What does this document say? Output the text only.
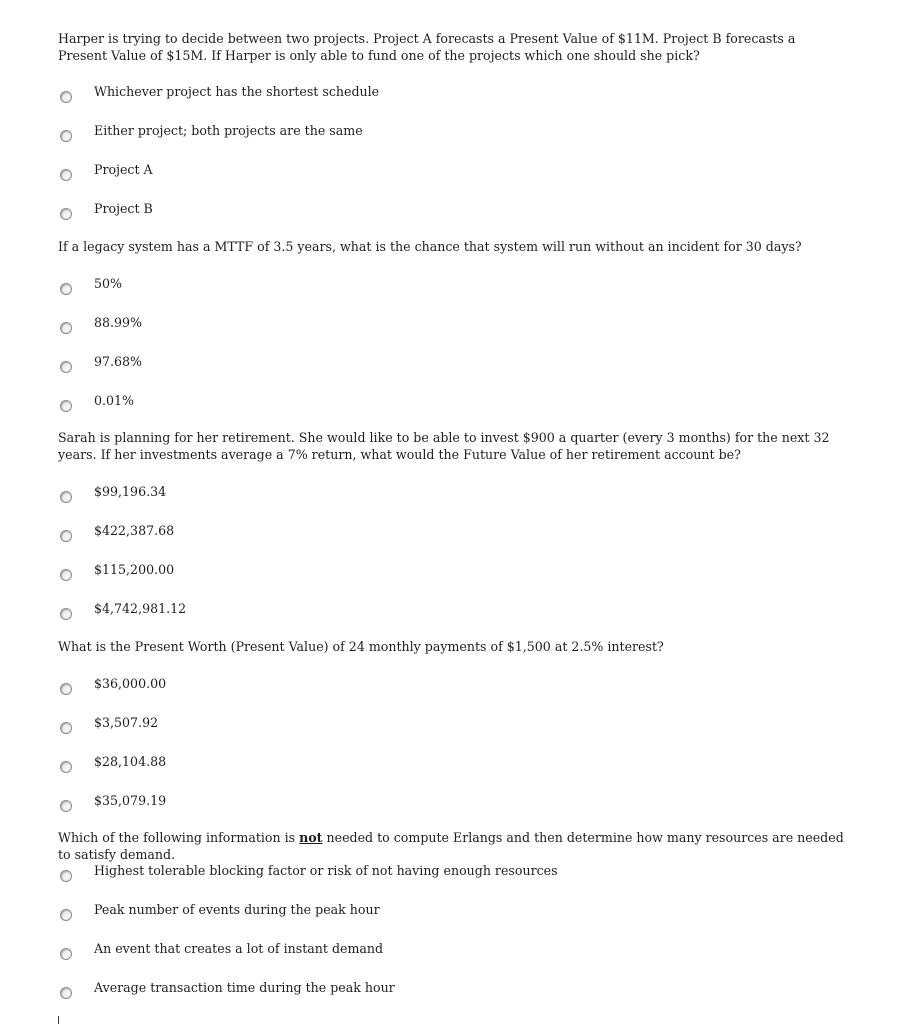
Harper is trying to decide between two projects. Project A forecasts a Present Value of $11M. Project B forecasts a Present Value of $15M. If Harper is only able to fund one of the projects which one should she pick?
Whichever project has the shortest schedule
Either project; both projects are the same
Project A
Project B
If a legacy system has a MTTF of 3.5 years, what is the chance that system will run without an incident for 30 days?
50%
88.99%
97.68%
0.01%
Sarah is planning for her retirement. She would like to be able to invest $900 a quarter (every 3 months) for the next 32 years. If her investments average a 7% return, what would the Future Value of her retirement account be?
$99,196.34
$422,387.68
$115,200.00
$4,742,981.12
What is the Present Worth (Present Value) of 24 monthly payments of $1,500 at 2.5% interest?
$36,000.00
$3,507.92
$28,104.88
$35,079.19
Which of the following information is not needed to compute Erlangs and then determine how many resources are needed to satisfy demand.
Highest tolerable blocking factor or risk of not having enough resources
Peak number of events during the peak hour
An event that creates a lot of instant demand
Average transaction time during the peak hour
